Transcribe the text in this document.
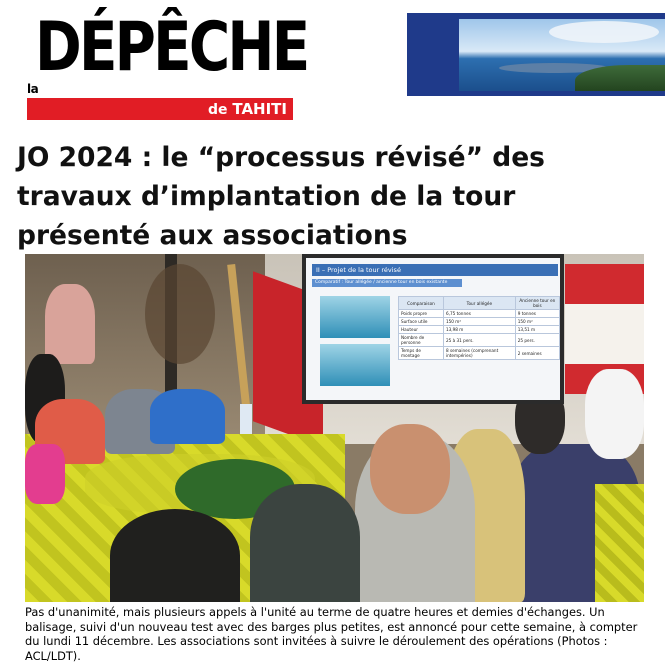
DÉPÊCHE
la
de TAHITI
JO 2024 : le “processus révisé” des travaux d’implantation de la tour présenté aux associations
II – Projet de la tour révisé
Comparatif : Tour allégée / ancienne tour en bois existante
Comparaison	Tour allégée	Ancienne tour en bois
Poids propre	6,75 tonnes	9 tonnes
Surface utile	150 m²	150 m²
Hauteur	13,98 m	13,51 m
Nombre de personne	25 à 31 pers.	25 pers.
Temps de montage	8 semaines (comprenant intempéries)	2 semaines

Pas d'unanimité, mais plusieurs appels à l'unité au terme de quatre heures et demies d'échanges. Un balisage, suivi d'un nouveau test avec des barges plus petites, est annoncé pour cette semaine, à compter du lundi 11 décembre. Les associations sont invitées à suivre le déroulement des opérations (Photos : ACL/LDT).
